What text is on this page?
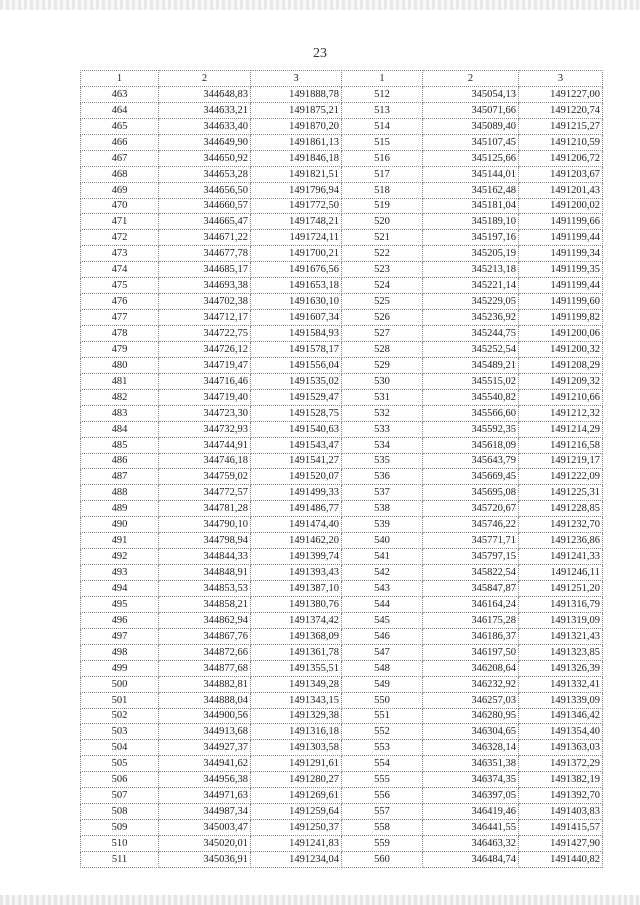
23
1	2	3	1	2	3
463	344648,83	1491888,78	512	345054,13	1491227,00
464	344633,21	1491875,21	513	345071,66	1491220,74
465	344633,40	1491870,20	514	345089,40	1491215,27
466	344649,90	1491861,13	515	345107,45	1491210,59
467	344650,92	1491846,18	516	345125,66	1491206,72
468	344653,28	1491821,51	517	345144,01	1491203,67
469	344656,50	1491796,94	518	345162,48	1491201,43
470	344660,57	1491772,50	519	345181,04	1491200,02
471	344665,47	1491748,21	520	345189,10	1491199,66
472	344671,22	1491724,11	521	345197,16	1491199,44
473	344677,78	1491700,21	522	345205,19	1491199,34
474	344685,17	1491676,56	523	345213,18	1491199,35
475	344693,38	1491653,18	524	345221,14	1491199,44
476	344702,38	1491630,10	525	345229,05	1491199,60
477	344712,17	1491607,34	526	345236,92	1491199,82
478	344722,75	1491584,93	527	345244,75	1491200,06
479	344726,12	1491578,17	528	345252,54	1491200,32
480	344719,47	1491556,04	529	345489,21	1491208,29
481	344716,46	1491535,02	530	345515,02	1491209,32
482	344719,40	1491529,47	531	345540,82	1491210,66
483	344723,30	1491528,75	532	345566,60	1491212,32
484	344732,93	1491540,63	533	345592,35	1491214,29
485	344744,91	1491543,47	534	345618,09	1491216,58
486	344746,18	1491541,27	535	345643,79	1491219,17
487	344759,02	1491520,07	536	345669,45	1491222,09
488	344772,57	1491499,33	537	345695,08	1491225,31
489	344781,28	1491486,77	538	345720,67	1491228,85
490	344790,10	1491474,40	539	345746,22	1491232,70
491	344798,94	1491462,20	540	345771,71	1491236,86
492	344844,33	1491399,74	541	345797,15	1491241,33
493	344848,91	1491393,43	542	345822,54	1491246,11
494	344853,53	1491387,10	543	345847,87	1491251,20
495	344858,21	1491380,76	544	346164,24	1491316,79
496	344862,94	1491374,42	545	346175,28	1491319,09
497	344867,76	1491368,09	546	346186,37	1491321,43
498	344872,66	1491361,78	547	346197,50	1491323,85
499	344877,68	1491355,51	548	346208,64	1491326,39
500	344882,81	1491349,28	549	346232,92	1491332,41
501	344888,04	1491343,15	550	346257,03	1491339,09
502	344900,56	1491329,38	551	346280,95	1491346,42
503	344913,68	1491316,18	552	346304,65	1491354,40
504	344927,37	1491303,58	553	346328,14	1491363,03
505	344941,62	1491291,61	554	346351,38	1491372,29
506	344956,38	1491280,27	555	346374,35	1491382,19
507	344971,63	1491269,61	556	346397,05	1491392,70
508	344987,34	1491259,64	557	346419,46	1491403,83
509	345003,47	1491250,37	558	346441,55	1491415,57
510	345020,01	1491241,83	559	346463,32	1491427,90
511	345036,91	1491234,04	560	346484,74	1491440,82
